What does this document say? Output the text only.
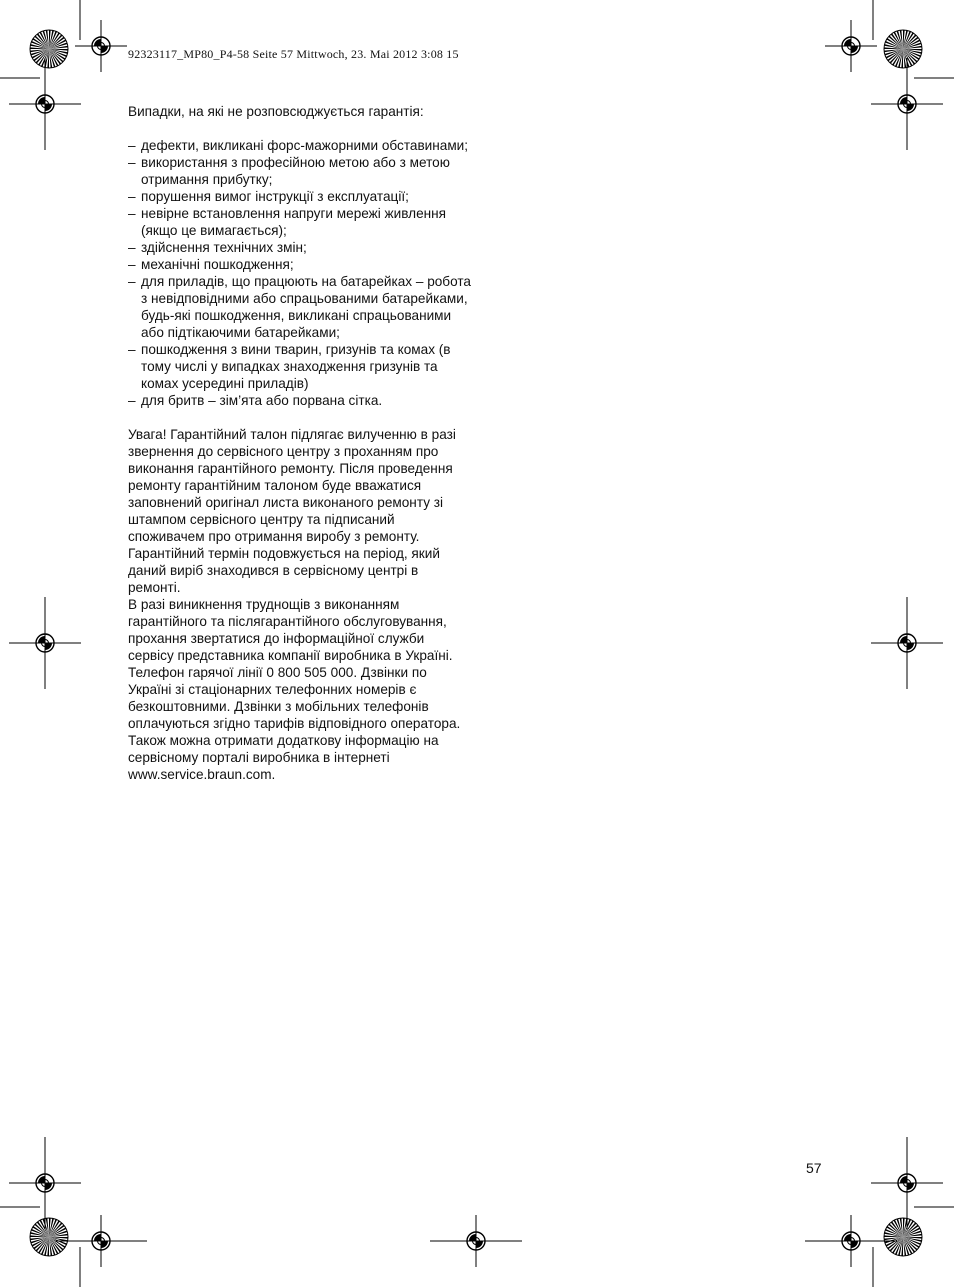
92323117_MP80_P4-58 Seite 57 Mittwoch, 23. Mai 2012 3:08 15

Випадки, на які не розповсюджується гарантія:

– дефекти, викликані форс-мажорними обставинами;
– використання з професійною метою або з метою отримання прибутку;
– порушення вимог інструкції з експлуатації;
– невірне встановлення напруги мережі живлення (якщо це вимагається);
– здійснення технічних змін;
– механічні пошкодження;
– для приладів, що працюють на батарейках – робота з невідповідними або спрацьованими батарейками, будь-які пошкодження, викликані спрацьованими або підтікаючими батарейками;
– пошкодження з вини тварин, гризунів та комах (в тому числі у випадках знаходження гризунів та комах усередині приладів)
– для бритв – зім’ята або порвана сітка.

Увага! Гарантійний талон підлягає вилученню в разі звернення до сервісного центру з проханням про виконання гарантійного ремонту. Після проведення ремонту гарантійним талоном буде вважатися заповнений оригінал листа виконаного ремонту зі штампом сервісного центру та підписаний споживачем про отримання виробу з ремонту. Гарантійний термін подовжується на період, який даний виріб знаходився в сервісному центрі в ремонті.

В разі виникнення труднощів з виконанням гарантійного та післягарантійного обслуговування, прохання звертатися до інформаційної служби сервісу представника компанії виробника в Україні.

Телефон гарячої лінії 0 800 505 000. Дзвінки по Україні зі стаціонарних телефонних номерів є безкоштовними. Дзвінки з мобільних телефонів оплачуються згідно тарифів відповідного оператора.

Також можна отримати додаткову інформацію на сервісному порталі виробника в інтернеті www.service.braun.com.

57
